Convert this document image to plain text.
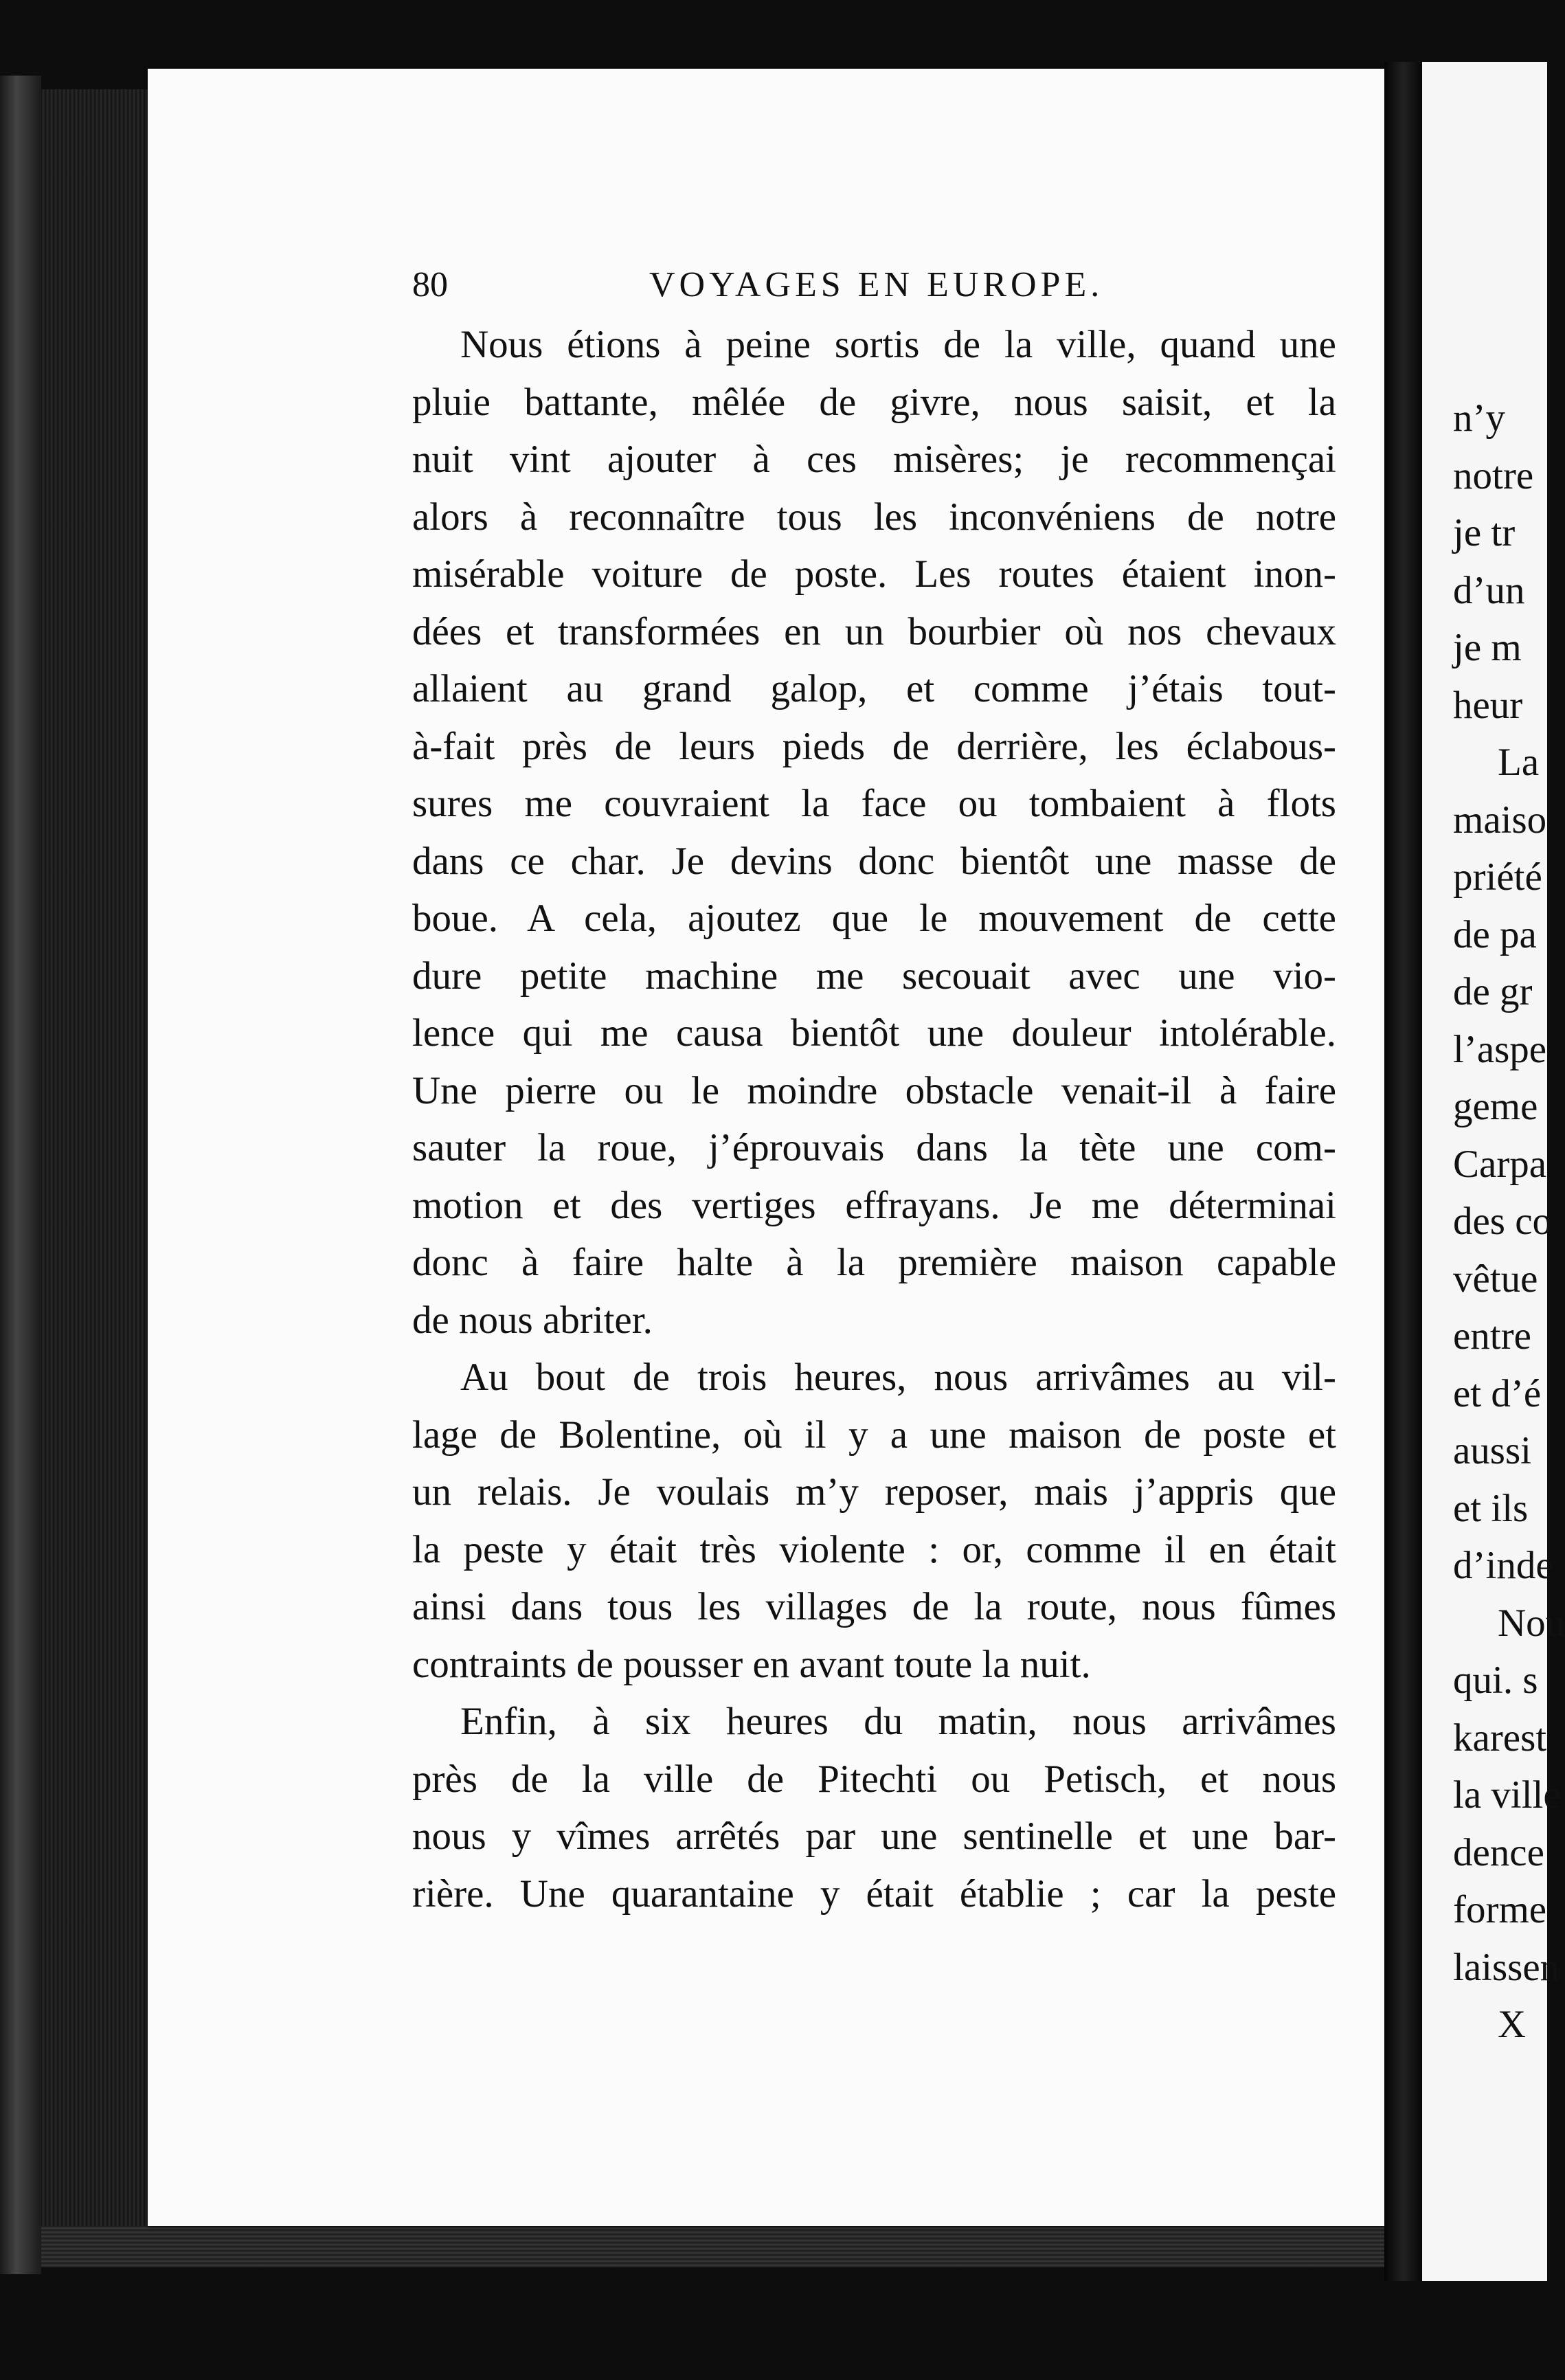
80	VOYAGES EN EUROPE.
Nous étions à peine sortis de la ville, quand une
pluie battante, mêlée de givre, nous saisit, et la
nuit vint ajouter à ces misères; je recommençai
alors à reconnaître tous les inconvéniens de notre
misérable voiture de poste. Les routes étaient inon-
dées et transformées en un bourbier où nos chevaux
allaient au grand galop, et comme j’étais tout-
à-fait près de leurs pieds de derrière, les éclabous-
sures me couvraient la face ou tombaient à flots
dans ce char. Je devins donc bientôt une masse de
boue. A cela, ajoutez que le mouvement de cette
dure petite machine me secouait avec une vio-
lence qui me causa bientôt une douleur intolérable.
Une pierre ou le moindre obstacle venait-il à faire
sauter la roue, j’éprouvais dans la tète une com-
motion et des vertiges effrayans. Je me déterminai
donc à faire halte à la première maison capable
de nous abriter.
Au bout de trois heures, nous arrivâmes au vil-
lage de Bolentine, où il y a une maison de poste et
un relais. Je voulais m’y reposer, mais j’appris que
la peste y était très violente : or, comme il en était
ainsi dans tous les villages de la route, nous fûmes
contraints de pousser en avant toute la nuit.
Enfin, à six heures du matin, nous arrivâmes
près de la ville de Pitechti ou Petisch, et nous
nous y vîmes arrêtés par une sentinelle et une bar-
rière. Une quarantaine y était établie ; car la peste
n’y
notre
je tr
d’un
je m
heur
La
maiso
priété
de pa
de gr
l’aspe
geme
Carpa
des co
vêtue
entre
et d’é
aussi
et ils
d’inde
Nou
qui. s
karest
la ville
dence
forme
laissen
X
